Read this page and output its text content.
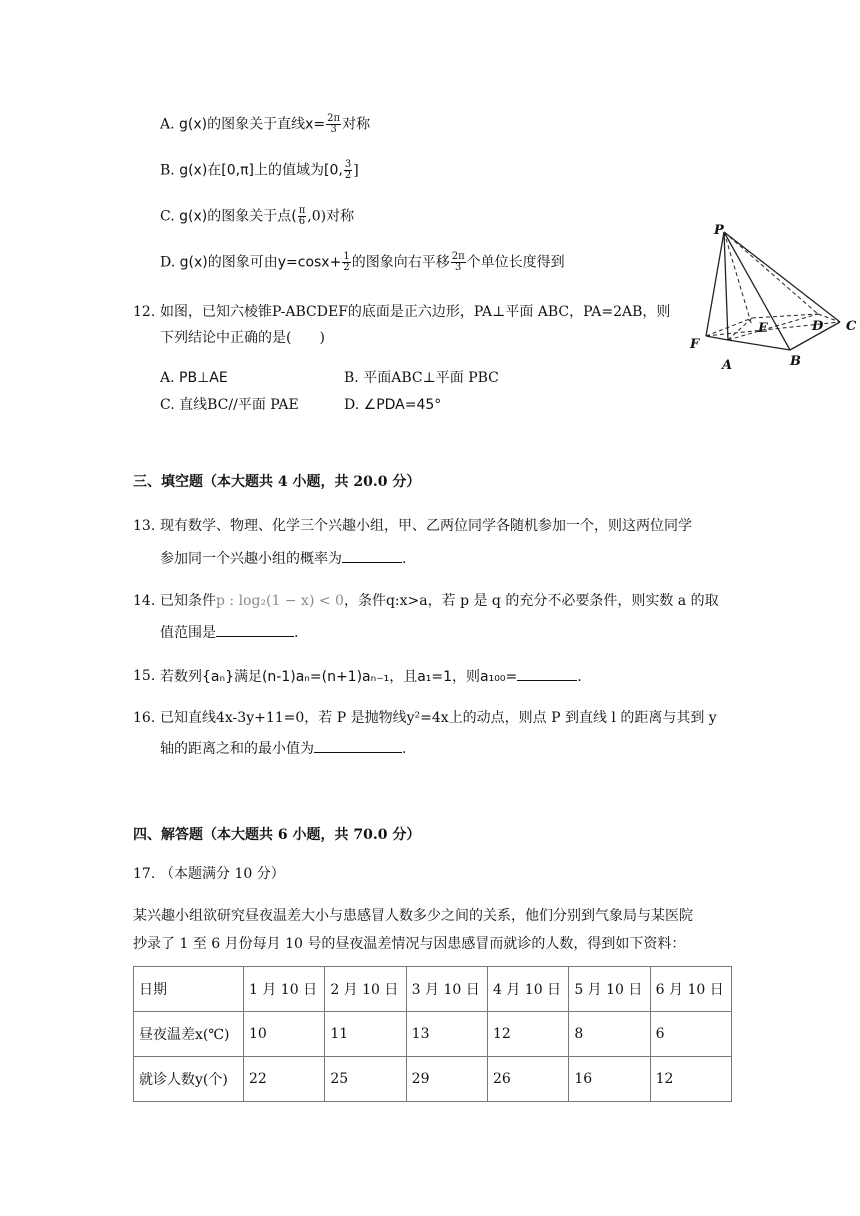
A. g(x)的图象关于直线$x= \frac{2\pi}{3}$ 对称
B. g(x)在[0,π]上的值域为[0, $\frac{3}{2}$ ]
C. g(x)的图象关于点( $\frac{\pi}{6} ,0$)对称
D. g(x)的图象可由$y=\cos x+ \frac{1}{2}$ 的图象向右平移 $\frac{2\pi}{3}$ 个单位长度得到
P
A	B
C
D
E
F
12. 如图，已知六棱锥P-ABCDEF的底面是正六边形，PA⊥平面 ABC，PA=2AB，则
下列结论中正确的是(　　)
A. PB⊥AE	B. 平面ABC⊥平面 PBC
C. 直线BC//平面 PAE	D. ∠PDA=45°
三、填空题（本大题共 4 小题，共 20.0 分）
13. 现有数学、物理、化学三个兴趣小组，甲、乙两位同学各随机参加一个，则这两位同学
参加同一个兴趣小组的概率为	.
14. 已知条件p : log₂(1 − x) < 0，条件q:x>a，若 p 是 q 的充分不必要条件，则实数 a 的取
值范围是	.
15. 若数列{aₙ}满足(n-1)aₙ=(n+1)aₙ₋₁，且a₁=1，则a₁₀₀=	.
16. 已知直线4x-3y+11=0，若 P 是抛物线y²=4x上的动点，则点 P 到直线 l 的距离与其到 y
轴的距离之和的最小值为	.
四、解答题（本大题共 6 小题，共 70.0 分）
17. （本题满分 10 分）
某兴趣小组欲研究昼夜温差大小与患感冒人数多少之间的关系，他们分别到气象局与某医院
抄录了 1 至 6 月份每月 10 号的昼夜温差情况与因患感冒而就诊的人数，得到如下资料：
日期	1 月 10 日	2 月 10 日	3 月 10 日	4 月 10 日	5 月 10 日	6 月 10 日
昼夜温差x(℃)	10	11	13	12	8	6
就诊人数y(个)	22	25	29	26	16	12
